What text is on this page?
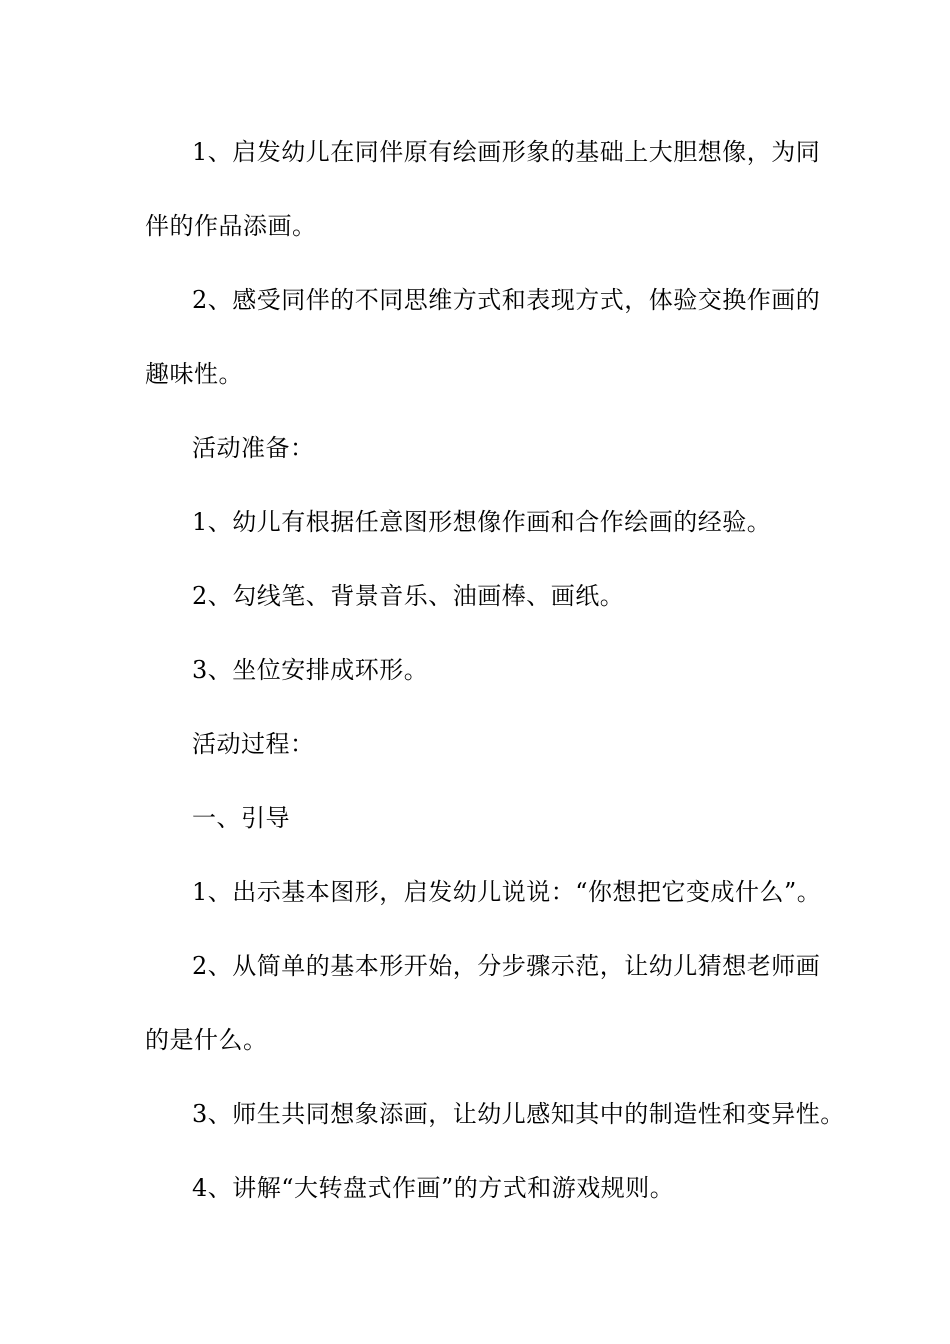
1、启发幼儿在同伴原有绘画形象的基础上大胆想像，为同
伴的作品添画。
2、感受同伴的不同思维方式和表现方式，体验交换作画的
趣味性。
活动准备：
1、幼儿有根据任意图形想像作画和合作绘画的经验。
2、勾线笔、背景音乐、油画棒、画纸。
3、坐位安排成环形。
活动过程：
一、引导
1、出示基本图形，启发幼儿说说：“你想把它变成什么”。
2、从简单的基本形开始，分步骤示范，让幼儿猜想老师画
的是什么。
3、师生共同想象添画，让幼儿感知其中的制造性和变异性。
4、讲解“大转盘式作画”的方式和游戏规则。
